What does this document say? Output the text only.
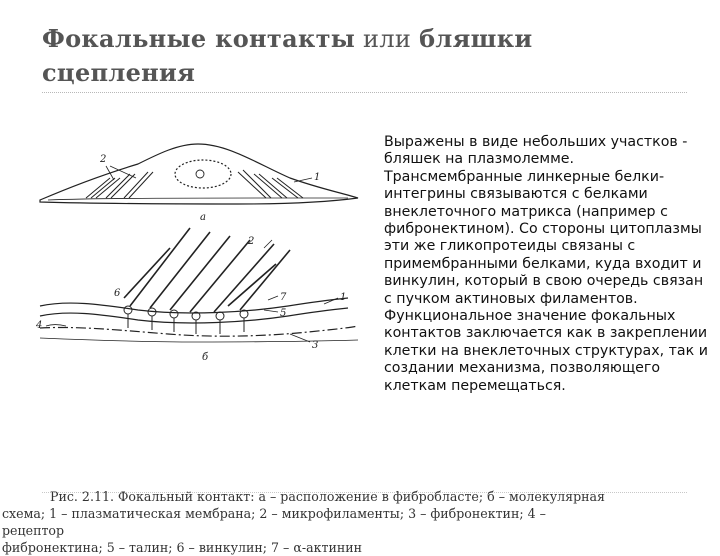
Фокальные контакты или бляшки сцепления
2
1
а
2
6	7
5
1
4
3
б
Выражены в виде небольших участков - бляшек на плазмолемме.
Трансмембранные линкерные белки- интегрины связываются с белками внеклеточного матрикса (например с фибронектином). Со стороны цитоплазмы эти же гликопротеиды связаны с примембранными белками, куда входит и винкулин, который в свою очередь связан с пучком актиновых филаментов.
Функциональное значение фокальных контактов заключается как в закреплении клетки на внеклеточных структурах, так и создании механизма, позволяющего клеткам перемещаться.
Рис. 2.11. Фокальный контакт: а – расположение в фибробласте; б – молекулярная
схема; 1 – плазматическая мембрана; 2 – микрофиламенты; 3 – фибронектин; 4 – рецептор
фибронектина; 5 – талин; 6 – винкулин; 7 – α-актинин
